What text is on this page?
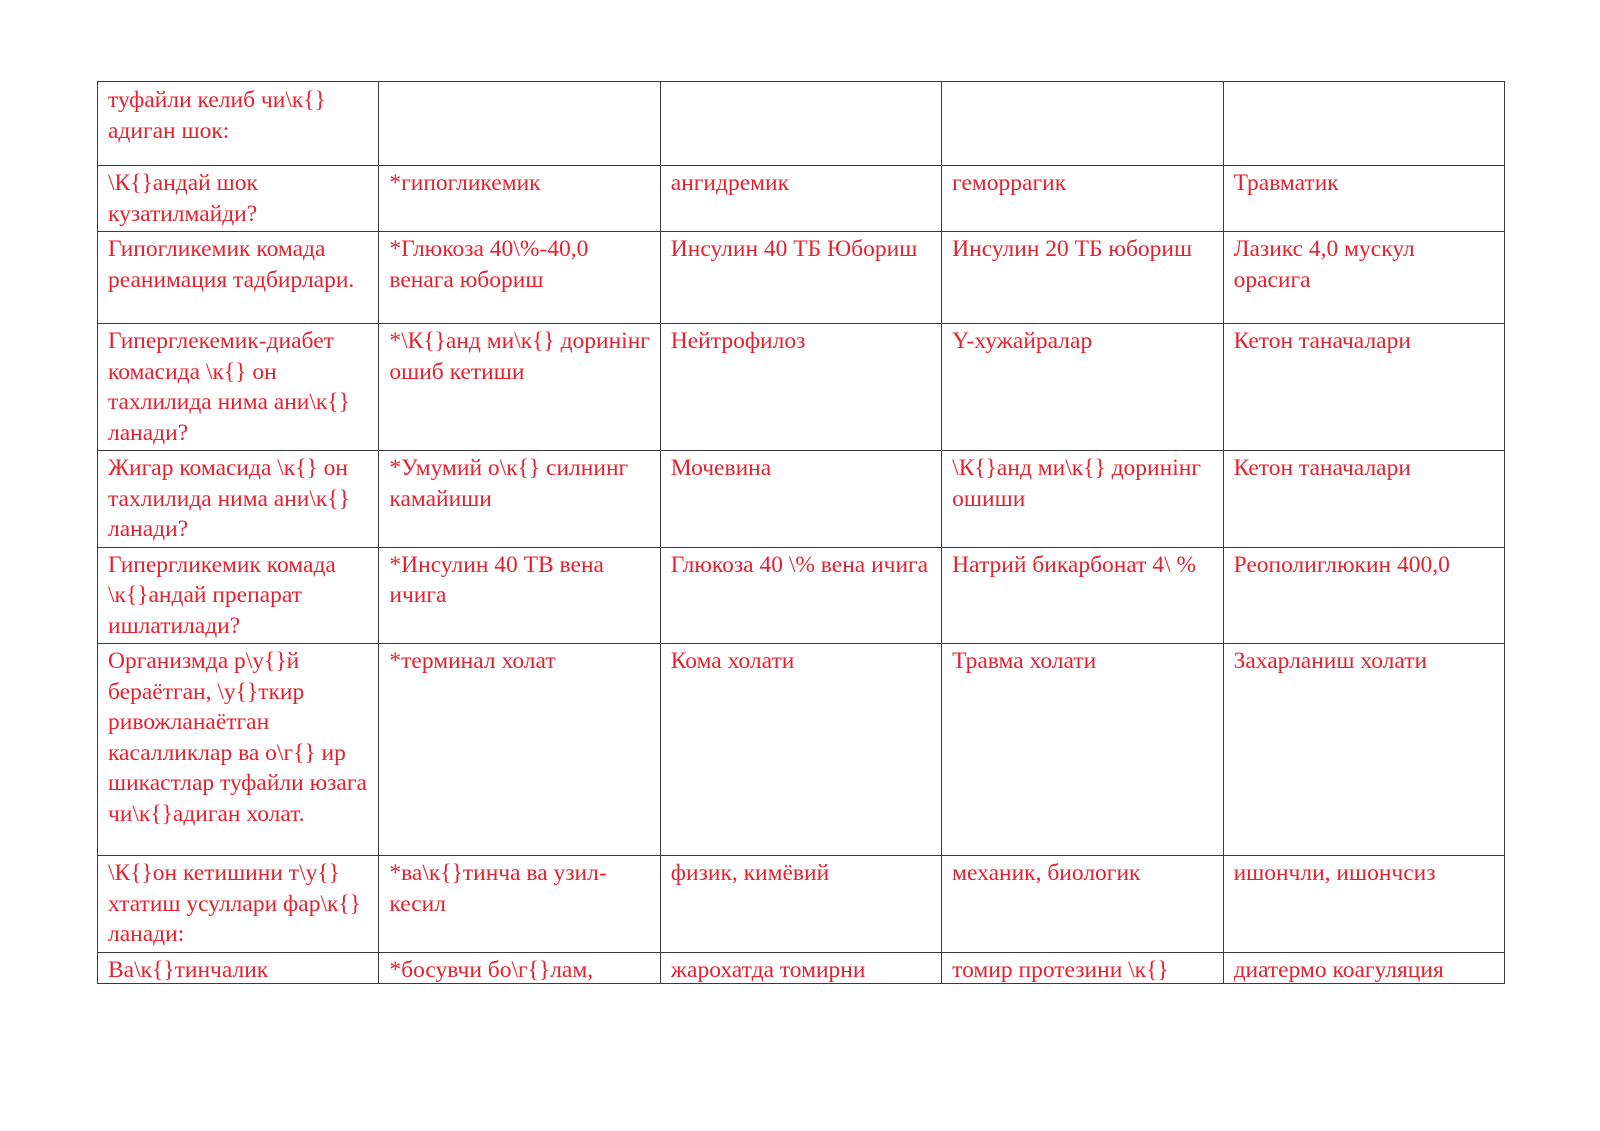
туфайли келиб чи\к{} адиган шок:				
\К{}андай шок кузатилмайди?	*гипогликемик	ангидремик	геморрагик	Травматик
Гипогликемик комада реанимация тадбирлари.	*Глюкоза 40\%-40,0 венага юбориш	Инсулин 40 ТБ Юбориш	Инсулин 20 ТБ юбориш	Лазикс 4,0 мускул орасига
Гиперглекемик-диабет комасида \к{} он тахлилида нима ани\к{}ланади?	*\К{}анд ми\к{} доринінг ошиб кетиши	Нейтрофилоз	Y-хужайралар	Кетон таначалари
Жигар комасида \к{} он тахлилида нима ани\к{}ланади?	*Умумий о\к{} силнинг камайиши	Мочевина	\К{}анд ми\к{} доринінг ошиши	Кетон таначалари
Гипергликемик комада \к{}андай препарат ишлатилади?	*Инсулин 40 ТВ вена ичига	Глюкоза 40 \% вена ичига	Натрий бикарбонат 4\ %	Реополиглюкин 400,0
Организмда р\у{}й бераётган, \у{}ткир ривожланаётган касалликлар ва о\г{} ир шикастлар туфайли юзага чи\к{}адиган холат.	*терминал холат	Кома холати	Травма холати	Захарланиш холати
\К{}он кетишини т\у{}хтатиш усуллари фар\к{}ланади:	*ва\к{}тинча ва узил-кесил	физик, кимёвий	механик, биологик	ишончли, ишончсиз

Ва\к{}тинчалик	*босувчи бо\г{}лам,	жарохатда томирни	томир протезини \к{}	диатермо коагуляция
